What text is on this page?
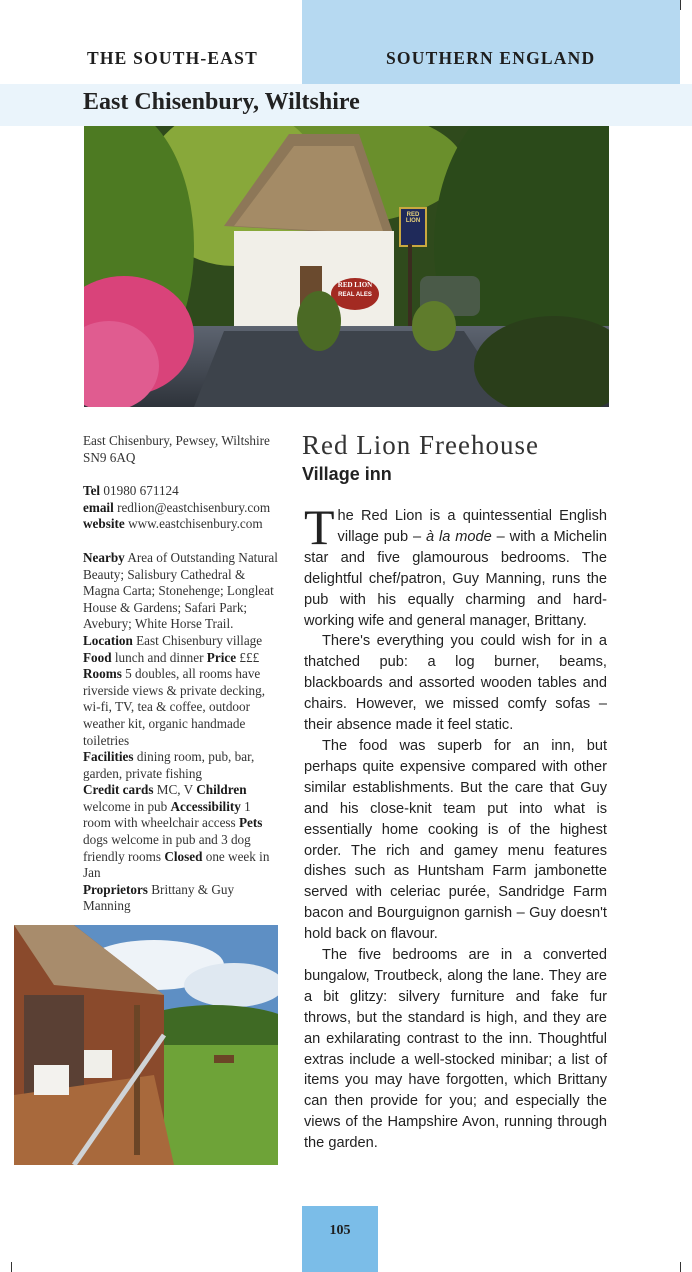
THE SOUTH-EAST	SOUTHERN ENGLAND
East Chisenbury, Wiltshire
RED LION
RED LION
REAL ALES

East Chisenbury, Pewsey, Wiltshire SN9 6AQ

Tel 01980 671124

email redlion@eastchisenbury.com

website www.eastchisenbury.com

Nearby Area of Outstanding Natural Beauty; Salisbury Cathedral & Magna Carta; Stonehenge; Longleat House & Gardens; Safari Park; Avebury; White Horse Trail. Location East Chisenbury village

Food lunch and dinner Price £££

Rooms 5 doubles, all rooms have riverside views & private decking, wi-fi, TV, tea & coffee, outdoor weather kit, organic handmade toiletries

Facilities dining room, pub, bar, garden, private fishing

Credit cards MC, V Children welcome in pub Accessibility 1 room with wheelchair access Pets dogs welcome in pub and 3 dog friendly rooms Closed one week in Jan

Proprietors Brittany & Guy Manning

Red Lion Freehouse
Village inn

The Red Lion is a quintessential English village pub – à la mode – with a Michelin star and five glamourous bedrooms. The delightful chef/patron, Guy Manning, runs the pub with his equally charming and hard-working wife and general manager, Brittany.

There's everything you could wish for in a thatched pub: a log burner, beams, blackboards and assorted wooden tables and chairs. However, we missed comfy sofas – their absence made it feel static.

The food was superb for an inn, but perhaps quite expensive compared with other similar establishments. But the care that Guy and his close-knit team put into what is essentially home cooking is of the highest order. The rich and gamey menu features dishes such as Huntsham Farm jambonette served with celeriac purée, Sandridge Farm bacon and Bourguignon garnish – Guy doesn't hold back on flavour.

The five bedrooms are in a converted bungalow, Troutbeck, along the lane. They are a bit glitzy: silvery furniture and fake fur throws, but the standard is high, and they are an exhilarating contrast to the inn. Thoughtful extras include a well-stocked minibar; a list of items you may have forgotten, which Brittany can then provide for you; and especially the views of the Hampshire Avon, running through the garden.

105
